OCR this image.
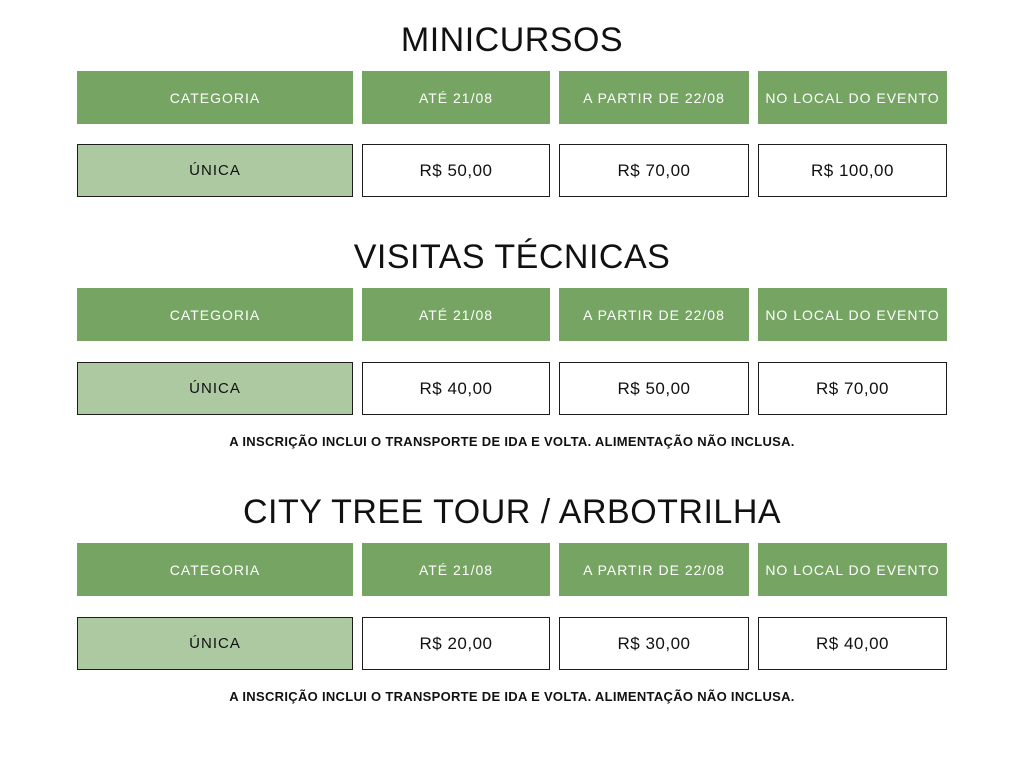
MINICURSOS
CATEGORIA	ATÉ 21/08	A PARTIR DE 22/08	NO LOCAL DO EVENTO
ÚNICA	R$ 50,00	R$ 70,00	R$ 100,00
VISITAS TÉCNICAS
CATEGORIA	ATÉ 21/08	A PARTIR DE 22/08	NO LOCAL DO EVENTO
ÚNICA	R$ 40,00	R$ 50,00	R$ 70,00
A INSCRIÇÃO INCLUI O TRANSPORTE DE IDA E VOLTA. ALIMENTAÇÃO NÃO INCLUSA.
CITY TREE TOUR / ARBOTRILHA
CATEGORIA	ATÉ 21/08	A PARTIR DE 22/08	NO LOCAL DO EVENTO
ÚNICA	R$ 20,00	R$ 30,00	R$ 40,00
A INSCRIÇÃO INCLUI O TRANSPORTE DE IDA E VOLTA. ALIMENTAÇÃO NÃO INCLUSA.
